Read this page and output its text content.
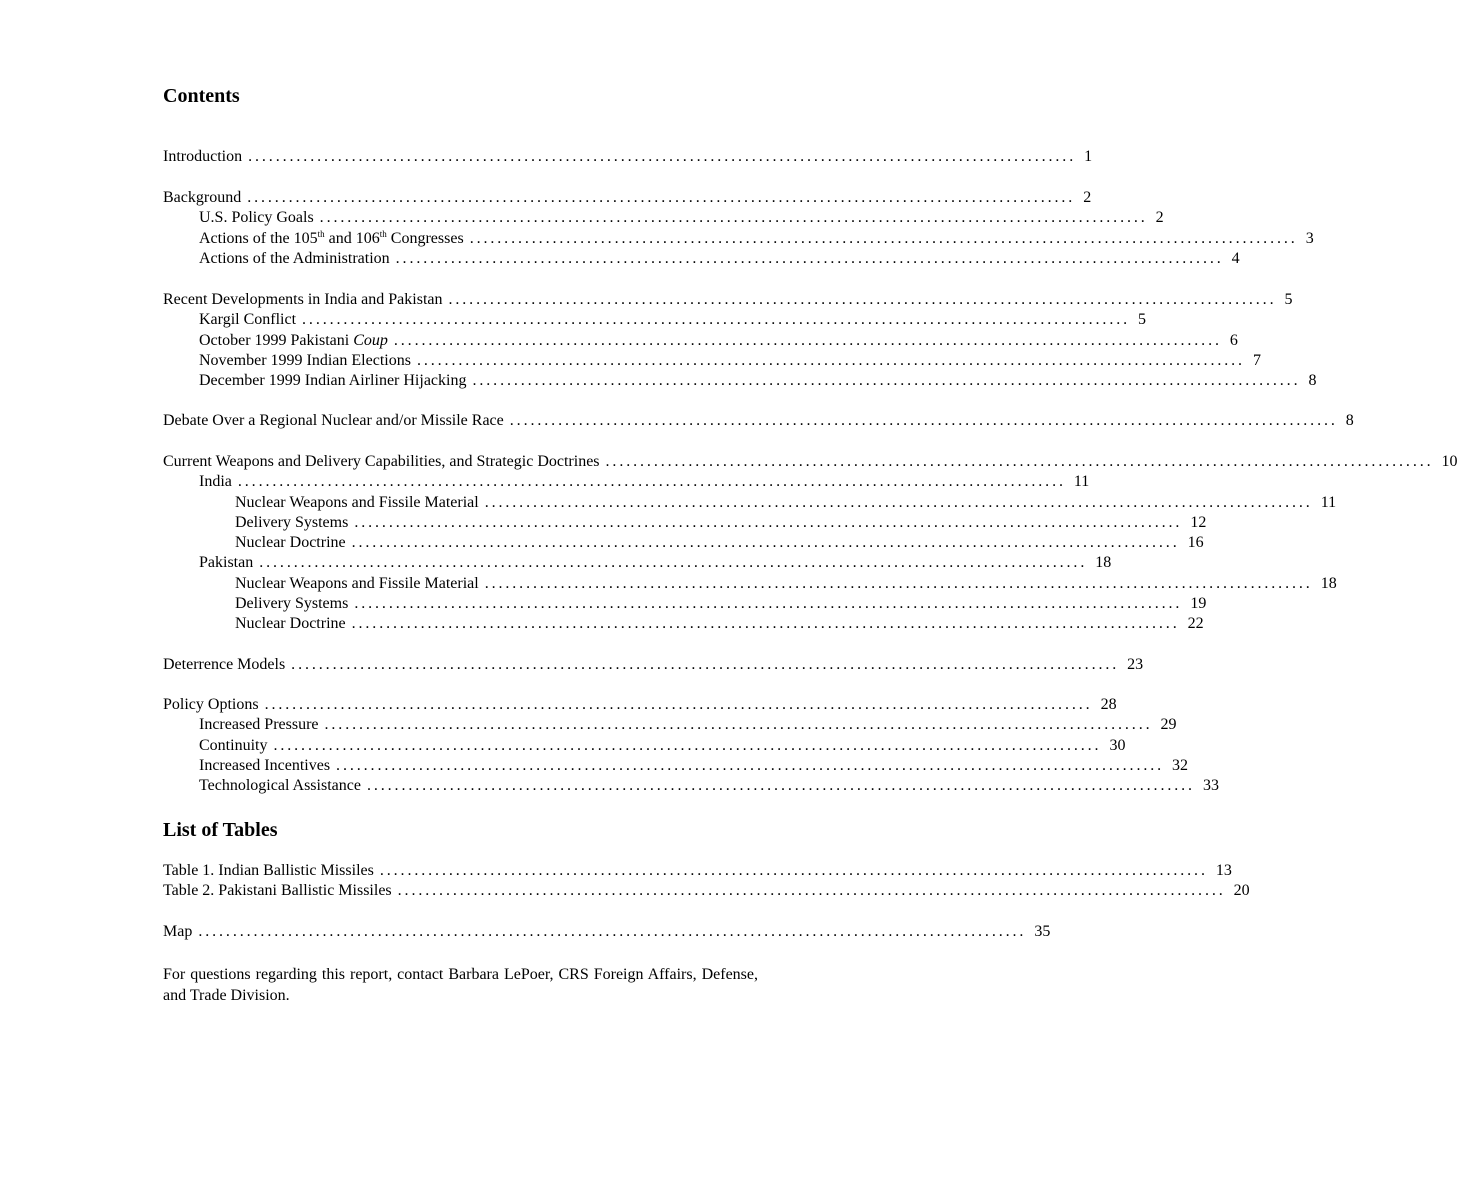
Contents
Introduction ........................................................................................................................ 1
Background ........................................................................................................................ 2
U.S. Policy Goals ........................................................................................................................ 2
Actions of the 105th and 106th Congresses ........................................................................................................................ 3
Actions of the Administration ........................................................................................................................ 4
Recent Developments in India and Pakistan ........................................................................................................................ 5
Kargil Conflict ........................................................................................................................ 5
October 1999 Pakistani Coup ........................................................................................................................ 6
November 1999 Indian Elections ........................................................................................................................ 7
December 1999 Indian Airliner Hijacking ........................................................................................................................ 8
Debate Over a Regional Nuclear and/or Missile Race ........................................................................................................................ 8
Current Weapons and Delivery Capabilities, and Strategic Doctrines ........................................................................................................................ 10
India ........................................................................................................................ 11
Nuclear Weapons and Fissile Material ........................................................................................................................ 11
Delivery Systems ........................................................................................................................ 12
Nuclear Doctrine ........................................................................................................................ 16
Pakistan ........................................................................................................................ 18
Nuclear Weapons and Fissile Material ........................................................................................................................ 18
Delivery Systems ........................................................................................................................ 19
Nuclear Doctrine ........................................................................................................................ 22
Deterrence Models ........................................................................................................................ 23
Policy Options ........................................................................................................................ 28
Increased Pressure ........................................................................................................................ 29
Continuity ........................................................................................................................ 30
Increased Incentives ........................................................................................................................ 32
Technological Assistance ........................................................................................................................ 33
List of Tables
Table 1. Indian Ballistic Missiles ........................................................................................................................ 13
Table 2. Pakistani Ballistic Missiles ........................................................................................................................ 20
Map ........................................................................................................................ 35

For questions regarding this report, contact Barbara LePoer, CRS Foreign Affairs, Defense, and Trade Division.
